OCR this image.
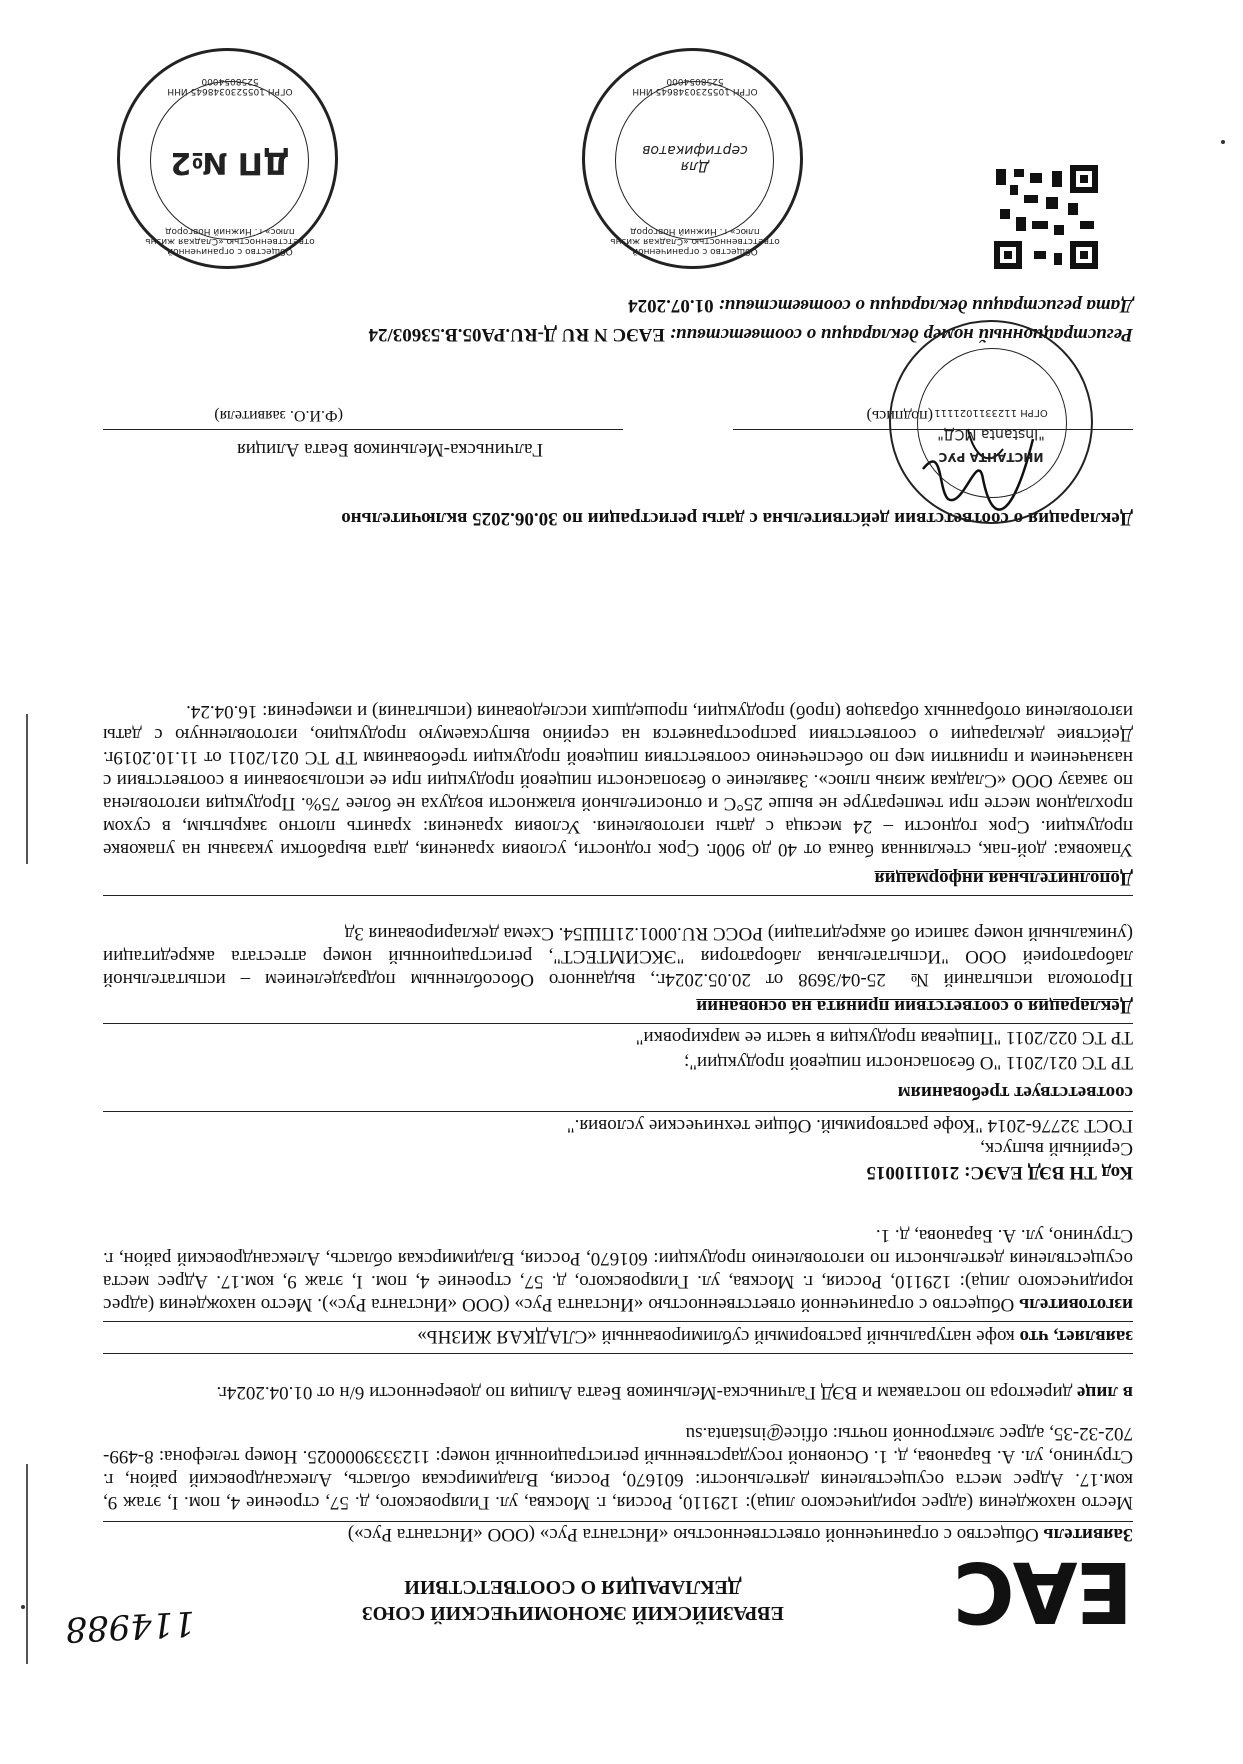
EAC
ЕВРАЗИЙСКИЙ ЭКОНОМИЧЕСКИЙ СОЮЗ
ДЕКЛАРАЦИЯ О СООТВЕТСТВИИ
114988
Заявитель Общество с ограниченной ответственностью «Инстанта Рус» (ООО «Инстанта Рус»)
Место нахождения (адрес юридического лица): 129110, Россия, г. Москва, ул. Гиляровского, д. 57, строение 4, пом. I, этаж 9, ком.17. Адрес места осуществления деятельности: 601670, Россия, Владимирская область, Александровский район, г. Струнино, ул. А. Баранова, д. 1. Основной государственный регистрационный номер: 1123339000025. Номер телефона: 8-499-702-32-35, адрес электронной почты: office@instanta.su
в лице директора по поставкам и ВЭД Галчиньска-Мельников Беата Алиция по доверенности 6/н от 01.04.2024г.
заявляет, что кофе натуральный растворимый сублимированный «СЛАДКАЯ ЖИЗНЬ»
изготовитель Общество с ограниченной ответственностью «Инстанта Рус» (ООО «Инстанта Рус»). Место нахождения (адрес юридического лица): 129110, Россия, г. Москва, ул. Гиляровского, д. 57, строение 4, пом. I, этаж 9, ком.17. Адрес места осуществления деятельности по изготовлению продукции: 601670, Россия, Владимирская область, Александровский район, г. Струнино, ул. А. Баранова, д. 1.
Код ТН ВЭД ЕАЭС: 2101110015
Серийный выпуск,
ГОСТ 32776-2014 "Кофе растворимый. Общие технические условия."
соответствует требованиям
ТР ТС 021/2011 "О безопасности пищевой продукции";
ТР ТС 022/2011 "Пищевая продукция в части ее маркировки"
Декларация о соответствии принята на основании
Протокола испытаний № 25-04/3698 от 20.05.2024г., выданного Обособленным подразделением – испытательной лабораторией ООО "Испытательная лаборатория "ЭКСИМТЕСТ", регистрационный номер аттестата аккредитации (уникальный номер записи об аккредитации) РОСС RU.0001.21ПШ54. Схема декларирования 3д
Дополнительная информация
Упаковка: дой-пак, стеклянная банка от 40 до 900г. Срок годности, условия хранения, дата выработки указаны на упаковке продукции. Срок годности – 24 месяца с даты изготовления. Условия хранения: хранить плотно закрытым, в сухом прохладном месте при температуре не выше 25°С и относительной влажности воздуха не более 75%. Продукция изготовлена по заказу ООО «Сладкая жизнь плюс». Заявление о безопасности пищевой продукции при ее использовании в соответствии с назначением и принятии мер по обеспечению соответствия пищевой продукции требованиям ТР ТС 021/2011 от 11.10.2019г. Действие декларации о соответствии распространяется на серийно выпускаемую продукцию, изготовленную с даты изготовления отобранных образцов (проб) продукции, прошедших исследования (испытания) и измерения: 16.04.24.
Декларация о соответствии действительна с даты регистрации по 30.06.2025 включительно
Галчиньска-Мельников Беата Алиция
(подпись)
(Ф.И.О. заявителя)
Регистрационный номер декларации о соответствии: ЕАЭС N RU Д-RU.PA05.B.53603/24
Дата регистрации декларации о соответствии: 01.07.2024
ИНСТАНТА РУС
"Instanta МСД"
ОГРН 1123311021111
Общество с ограниченной ответственностью «Сладкая жизнь плюс» г. Нижний Новгород
Для сертификатов
ОГРН 1055230348645 ИНН 5258054000
Общество с ограниченной ответственностью «Сладкая жизнь плюс» г. Нижний Новгород
ДП №2
ОГРН 1055230348645 ИНН 5258054000
